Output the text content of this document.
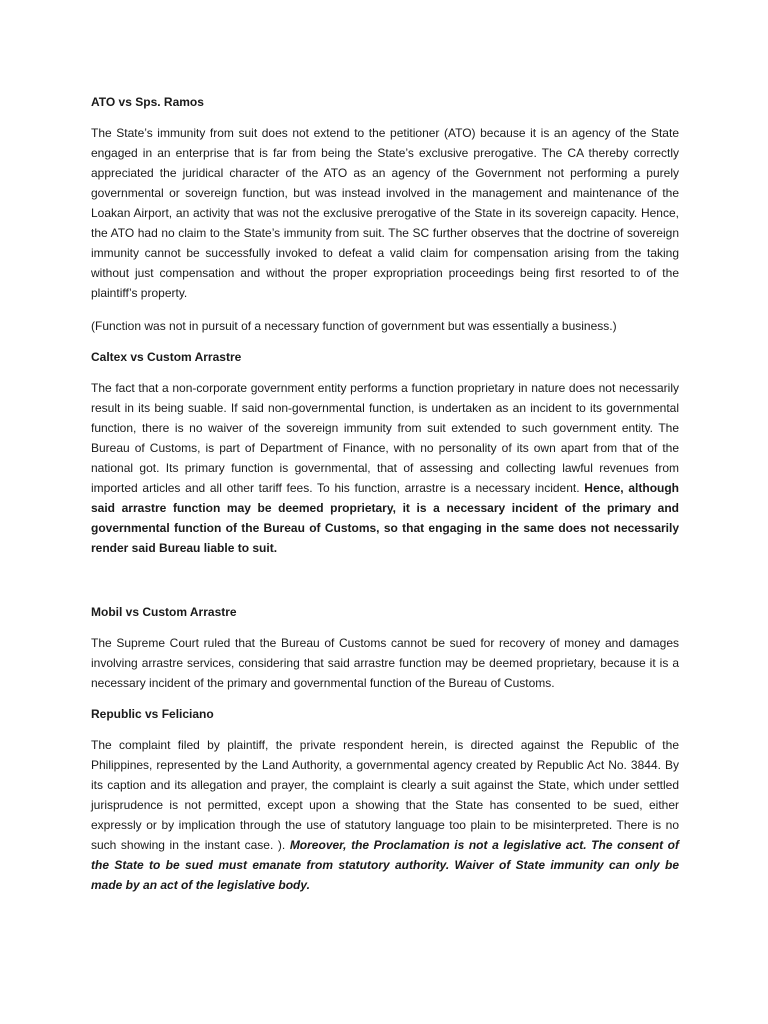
ATO vs Sps. Ramos

The State’s immunity from suit does not extend to the petitioner (ATO) because it is an agency of the State engaged in an enterprise that is far from being the State’s exclusive prerogative. The CA thereby correctly appreciated the juridical character of the ATO as an agency of the Government not performing a purely governmental or sovereign function, but was instead involved in the management and maintenance of the Loakan Airport, an activity that was not the exclusive prerogative of the State in its sovereign capacity. Hence, the ATO had no claim to the State’s immunity from suit. The SC further observes that the doctrine of sovereign immunity cannot be successfully invoked to defeat a valid claim for compensation arising from the taking without just compensation and without the proper expropriation proceedings being first resorted to of the plaintiff’s property.

(Function was not in pursuit of a necessary function of government but was essentially a business.)

Caltex vs Custom Arrastre

The fact that a non-corporate government entity performs a function proprietary in nature does not necessarily result in its being suable. If said non-governmental function, is undertaken as an incident to its governmental function, there is no waiver of the sovereign immunity from suit extended to such government entity. The Bureau of Customs, is part of Department of Finance, with no personality of its own apart from that of the national got. Its primary function is governmental, that of assessing and collecting lawful revenues from imported articles and all other tariff fees. To his function, arrastre is a necessary incident. Hence, although said arrastre function may be deemed proprietary, it is a necessary incident of the primary and governmental function of the Bureau of Customs, so that engaging in the same does not necessarily render said Bureau liable to suit.

Mobil vs Custom Arrastre

The Supreme Court ruled that the Bureau of Customs cannot be sued for recovery of money and damages involving arrastre services, considering that said arrastre function may be deemed proprietary, because it is a necessary incident of the primary and governmental function of the Bureau of Customs.

Republic vs Feliciano

The complaint filed by plaintiff, the private respondent herein, is directed against the Republic of the Philippines, represented by the Land Authority, a governmental agency created by Republic Act No. 3844. By its caption and its allegation and prayer, the complaint is clearly a suit against the State, which under settled jurisprudence is not permitted, except upon a showing that the State has consented to be sued, either expressly or by implication through the use of statutory language too plain to be misinterpreted. There is no such showing in the instant case. ). Moreover, the Proclamation is not a legislative act. The consent of the State to be sued must emanate from statutory authority. Waiver of State immunity can only be made by an act of the legislative body.
